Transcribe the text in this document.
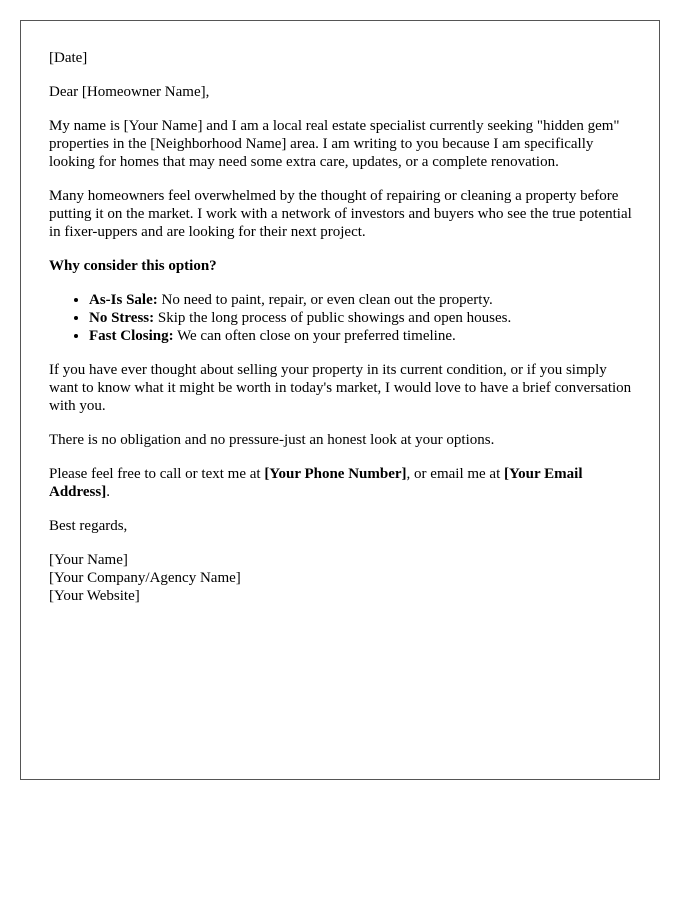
[Date]

Dear [Homeowner Name],

My name is [Your Name] and I am a local real estate specialist currently seeking "hidden gem" properties in the [Neighborhood Name] area. I am writing to you because I am specifically looking for homes that may need some extra care, updates, or a complete renovation.

Many homeowners feel overwhelmed by the thought of repairing or cleaning a property before putting it on the market. I work with a network of investors and buyers who see the true potential in fixer-uppers and are looking for their next project.

Why consider this option?

• As-Is Sale: No need to paint, repair, or even clean out the property.
• No Stress: Skip the long process of public showings and open houses.
• Fast Closing: We can often close on your preferred timeline.

If you have ever thought about selling your property in its current condition, or if you simply want to know what it might be worth in today's market, I would love to have a brief conversation with you.

There is no obligation and no pressure-just an honest look at your options.

Please feel free to call or text me at [Your Phone Number], or email me at [Your Email Address].

Best regards,

[Your Name]
[Your Company/Agency Name]
[Your Website]
